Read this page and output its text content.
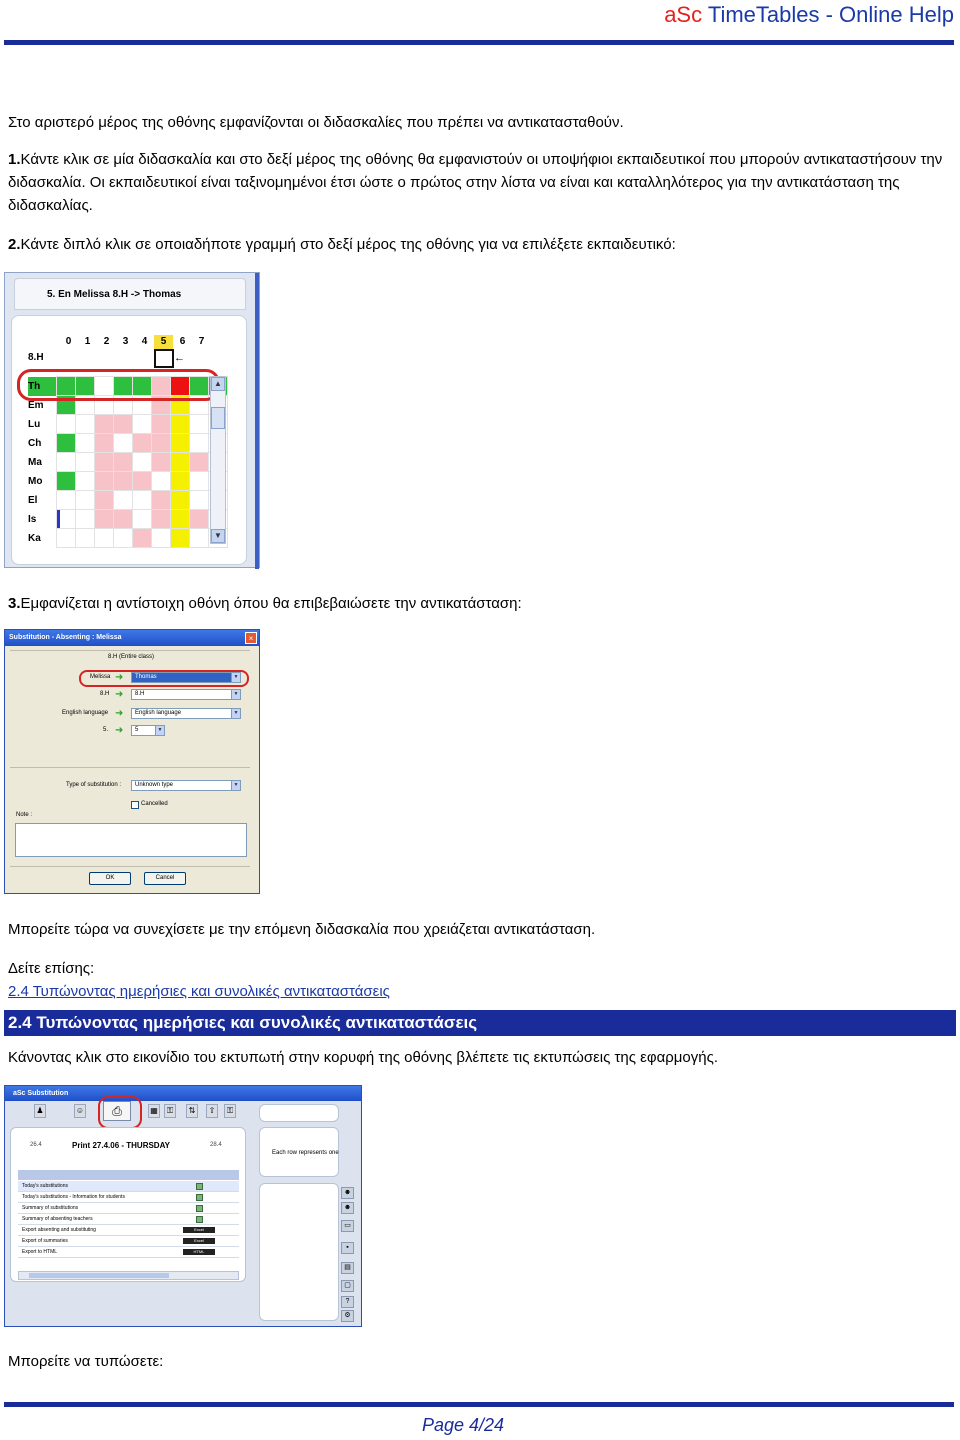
aSc TimeTables - Online Help
Στο αριστερό μέρος της οθόνης εμφανίζονται οι διδασκαλίες που πρέπει να αντικατασταθούν.
1.Κάντε κλικ σε μία διδασκαλία και στο δεξί μέρος της οθόνης θα εμφανιστούν οι υποψήφιοι εκπαιδευτικοί που μπορούν αντικαταστήσουν την διδασκαλία. Οι εκπαιδευτικοί είναι ταξινομημένοι έτσι ώστε ο πρώτος στην λίστα να είναι και καταλληλότερος για την αντικατάσταση της διδασκαλίας.
2.Κάντε διπλό κλικ σε οποιαδήποτε γραμμή στο δεξί μέρος της οθόνης για να επιλέξετε εκπαιδευτικό:
5. En Melissa 8.H -> Thomas
8.H
0	1	2	3	4	5	6	7
←
Th
Em
Lu
Ch
Ma
Mo
El
Is
Ka
▲
▼
3.Εμφανίζεται η αντίστοιχη οθόνη όπου θα επιβεβαιώσετε την αντικατάσταση:
Substitution - Absenting : Melissa	×
8.H (Entire class)
Melissa ➜	Thomas	▼
8.H ➜	8.H	▼
English language ➜	English language	▼
5. ➜	5	▼
Type of substitution :	Unknown type	▼
Cancelled
Note :
OK	Cancel
Μπορείτε τώρα να συνεχίσετε με την επόμενη διδασκαλία που χρειάζεται αντικατάσταση.
Δείτε επίσης:
2.4 Τυπώνοντας ημερήσιες και συνολικές αντικαταστάσεις
2.4 Τυπώνοντας ημερήσιες και συνολικές αντικαταστάσεις
Κάνοντας κλικ στο εικονίδιο του εκτυπωτή στην κορυφή της οθόνης βλέπετε τις εκτυπώσεις της εφαρμογής.
aSc Substitution
♟	☺	⎙	▦	⚿	⇅	⇧	⚿
26.4	Print 27.4.06 - THURSDAY	28.4
Today's substitutions
Today's substitutions - Information for students
Summary of substitutions
Summary of absenting teachers
Export absenting and substituting	Excel
Export of summaries	Excel
Export to HTML	HTML
Each row represents one
☻
☻
▭
▪
▤
▢
?
⚙
Μπορείτε να τυπώσετε:
Page 4/24
